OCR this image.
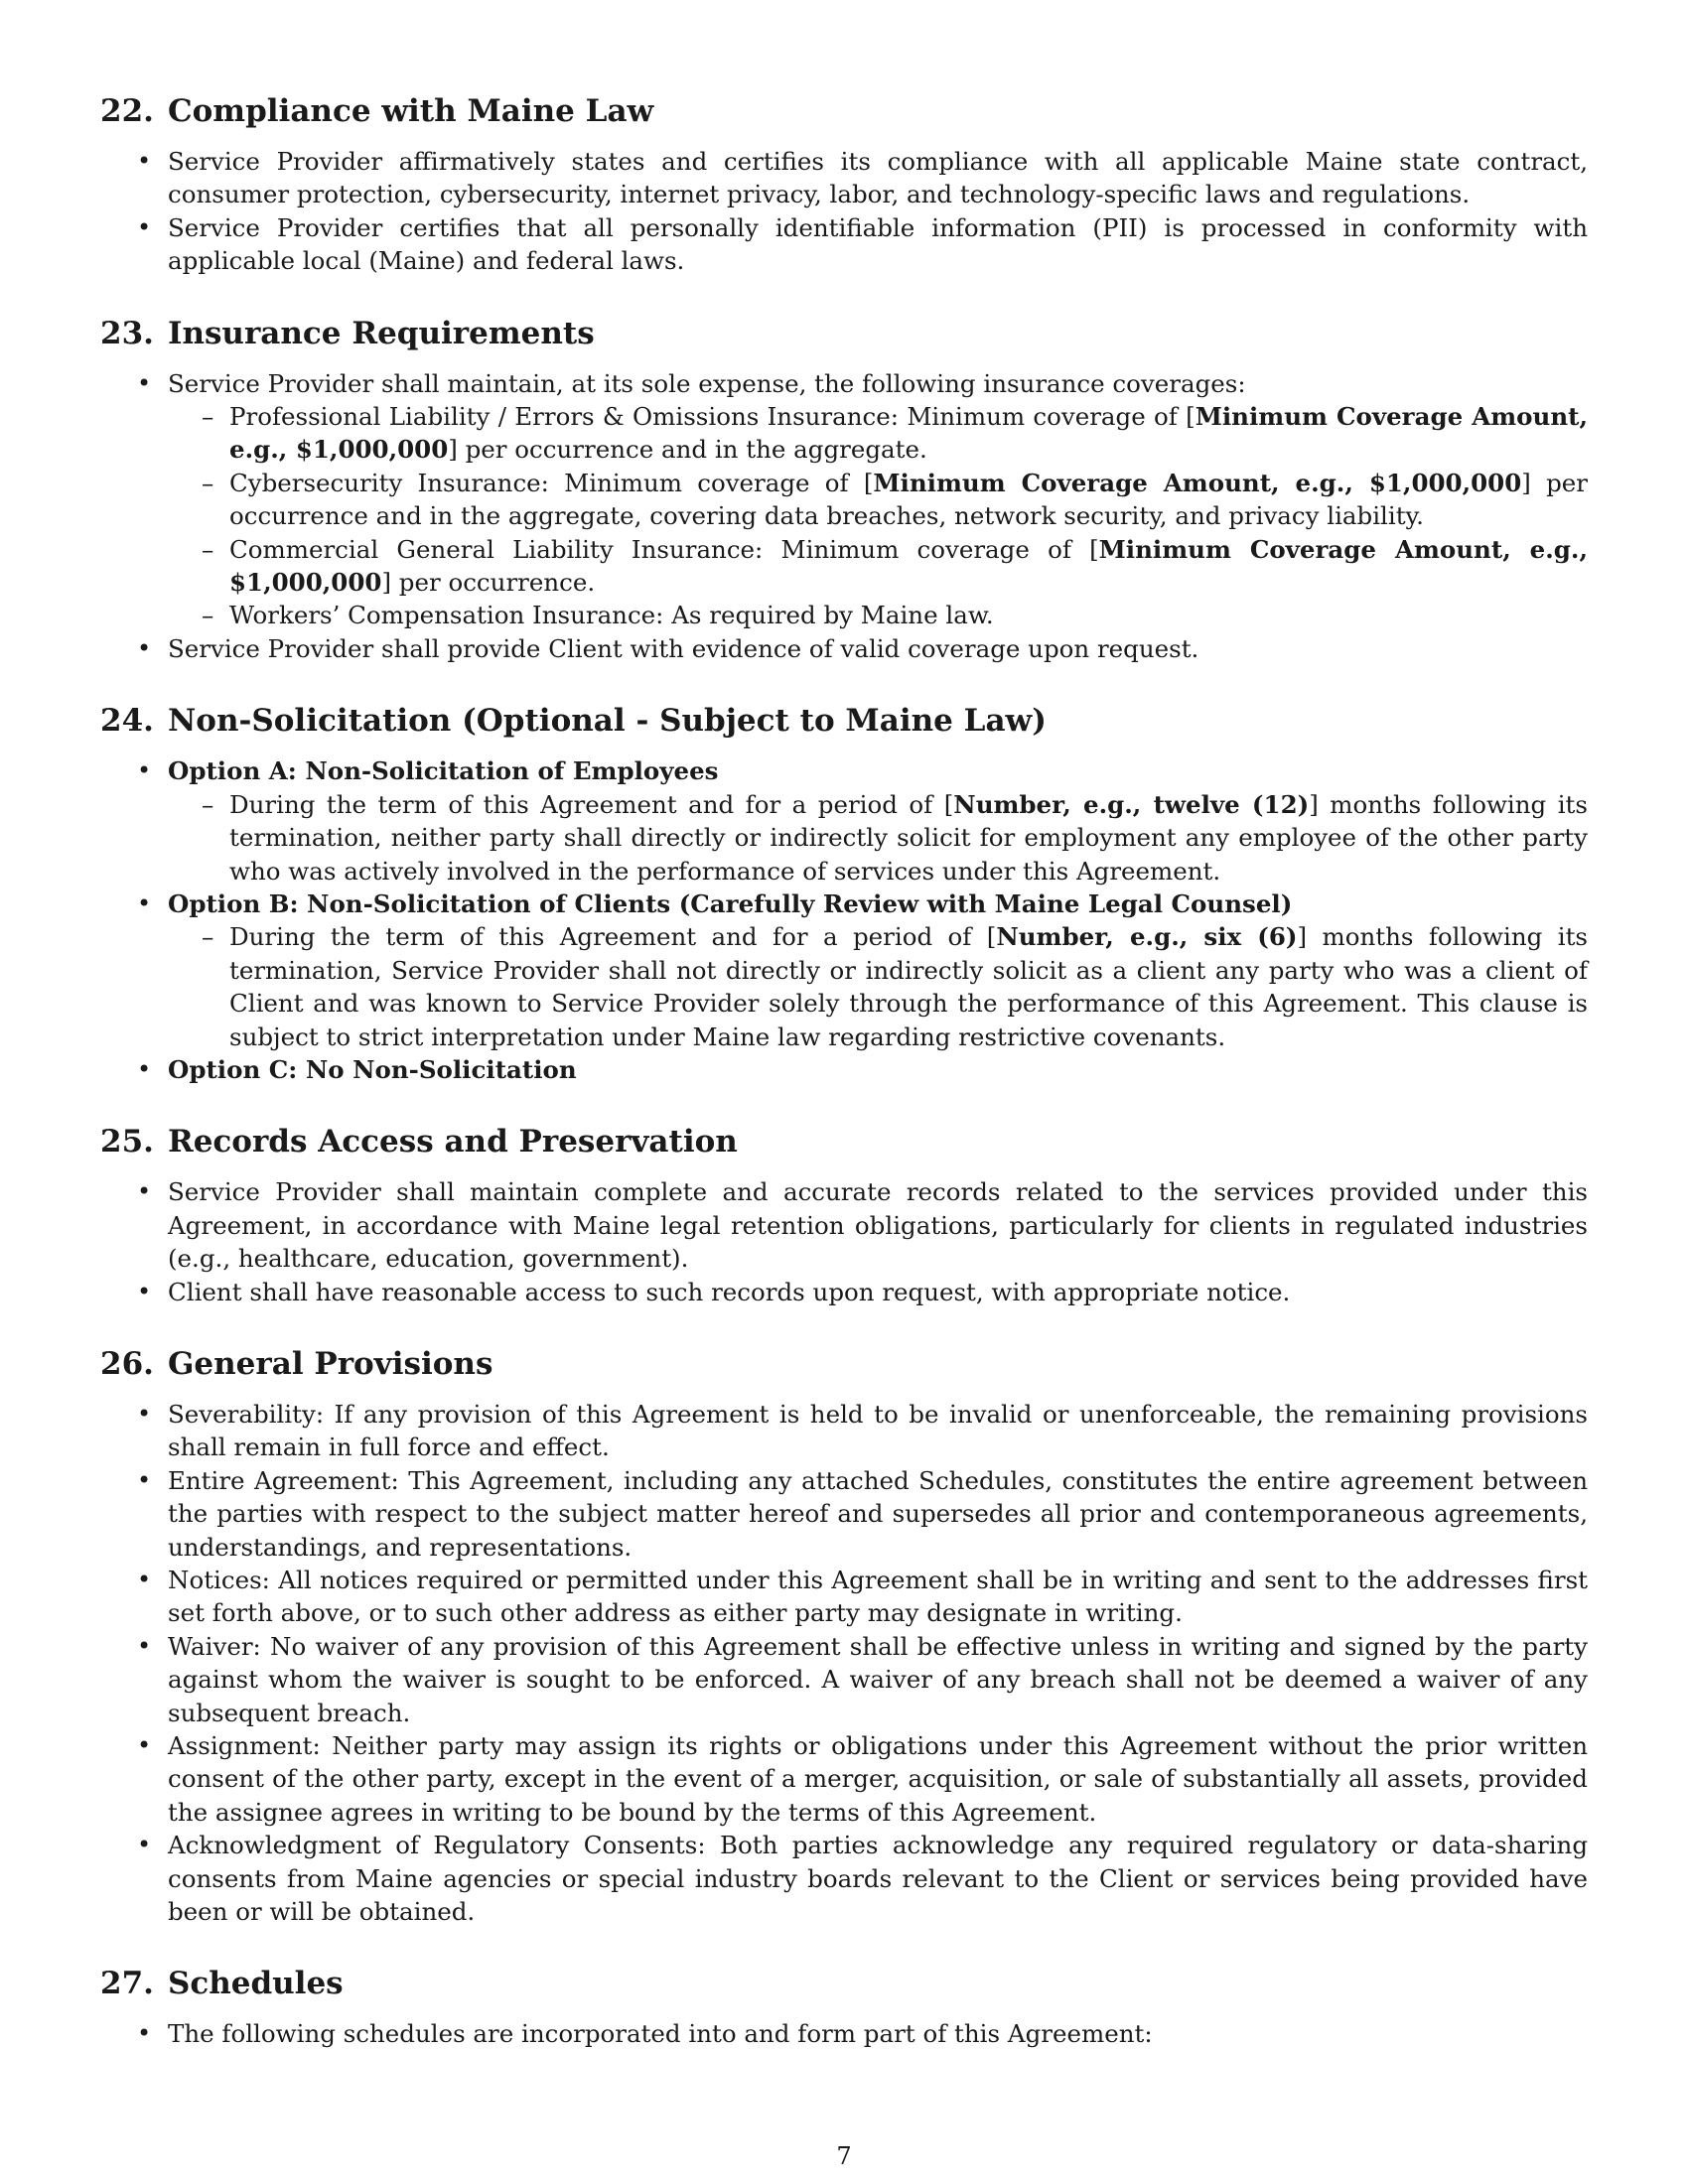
22. Compliance with Maine Law
• Service Provider affirmatively states and certifies its compliance with all applicable Maine state contract, consumer protection, cybersecurity, internet privacy, labor, and technology-specific laws and regulations.
• Service Provider certifies that all personally identifiable information (PII) is processed in conformity with applicable local (Maine) and federal laws.
23. Insurance Requirements
• Service Provider shall maintain, at its sole expense, the following insurance coverages:
– Professional Liability / Errors & Omissions Insurance: Minimum coverage of [Minimum Coverage Amount, e.g., $1,000,000] per occurrence and in the aggregate.
– Cybersecurity Insurance: Minimum coverage of [Minimum Coverage Amount, e.g., $1,000,000] per occurrence and in the aggregate, covering data breaches, network security, and privacy liability.
– Commercial General Liability Insurance: Minimum coverage of [Minimum Coverage Amount, e.g., $1,000,000] per occurrence.
– Workers’ Compensation Insurance: As required by Maine law.
• Service Provider shall provide Client with evidence of valid coverage upon request.
24. Non-Solicitation (Optional - Subject to Maine Law)
• Option A: Non-Solicitation of Employees
– During the term of this Agreement and for a period of [Number, e.g., twelve (12)] months following its termination, neither party shall directly or indirectly solicit for employment any employee of the other party who was actively involved in the performance of services under this Agreement.
• Option B: Non-Solicitation of Clients (Carefully Review with Maine Legal Counsel)
– During the term of this Agreement and for a period of [Number, e.g., six (6)] months following its termination, Service Provider shall not directly or indirectly solicit as a client any party who was a client of Client and was known to Service Provider solely through the performance of this Agreement. This clause is subject to strict interpretation under Maine law regarding restrictive covenants.
• Option C: No Non-Solicitation
25. Records Access and Preservation
• Service Provider shall maintain complete and accurate records related to the services provided under this Agreement, in accordance with Maine legal retention obligations, particularly for clients in regulated industries (e.g., healthcare, education, government).
• Client shall have reasonable access to such records upon request, with appropriate notice.
26. General Provisions
• Severability: If any provision of this Agreement is held to be invalid or unenforceable, the remaining provisions shall remain in full force and effect.
• Entire Agreement: This Agreement, including any attached Schedules, constitutes the entire agreement between the parties with respect to the subject matter hereof and supersedes all prior and contemporaneous agreements, understandings, and representations.
• Notices: All notices required or permitted under this Agreement shall be in writing and sent to the addresses first set forth above, or to such other address as either party may designate in writing.
• Waiver: No waiver of any provision of this Agreement shall be effective unless in writing and signed by the party against whom the waiver is sought to be enforced. A waiver of any breach shall not be deemed a waiver of any subsequent breach.
• Assignment: Neither party may assign its rights or obligations under this Agreement without the prior written consent of the other party, except in the event of a merger, acquisition, or sale of substantially all assets, provided the assignee agrees in writing to be bound by the terms of this Agreement.
• Acknowledgment of Regulatory Consents: Both parties acknowledge any required regulatory or data-sharing consents from Maine agencies or special industry boards relevant to the Client or services being provided have been or will be obtained.
27. Schedules
• The following schedules are incorporated into and form part of this Agreement:
7
